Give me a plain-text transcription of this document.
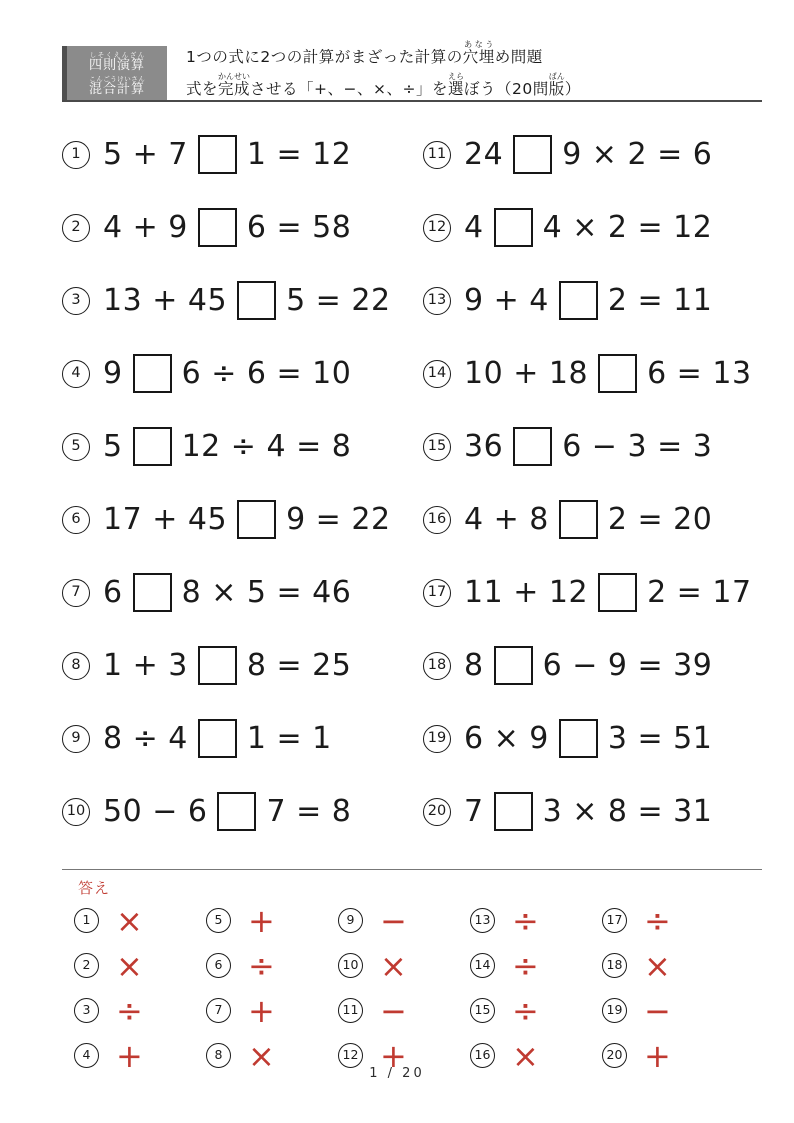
四則演算しそくえんざん
混合計算こんごうけいさん
1つの式に2つの計算がまざった計算の穴埋あなうめ問題
式を完成かんせいさせる「+、−、×、÷」を選えらぼう（20問版ばん）
1 5 + 7 1 = 12
2 4 + 9 6 = 58
3 13 + 45 5 = 22
4 9 6 ÷ 6 = 10
5 5 12 ÷ 4 = 8
6 17 + 45 9 = 22
7 6 8 × 5 = 46
8 1 + 3 8 = 25
9 8 ÷ 4 1 = 1
10 50 − 6 7 = 8
11 24 9 × 2 = 6
12 4 4 × 2 = 12
13 9 + 4 2 = 11
14 10 + 18 6 = 13
15 36 6 − 3 = 3
16 4 + 8 2 = 20
17 11 + 12 2 = 17
18 8 6 − 9 = 39
19 6 × 9 3 = 51
20 7 3 × 8 = 31
答え
1 ×
2 ×
3 ÷
4 +
5 +
6 ÷
7 +
8 ×
9 −
10 ×
11 −
12 +
13 ÷
14 ÷
15 ÷
16 ×
17 ÷
18 ×
19 −
20 +
1 / 20
